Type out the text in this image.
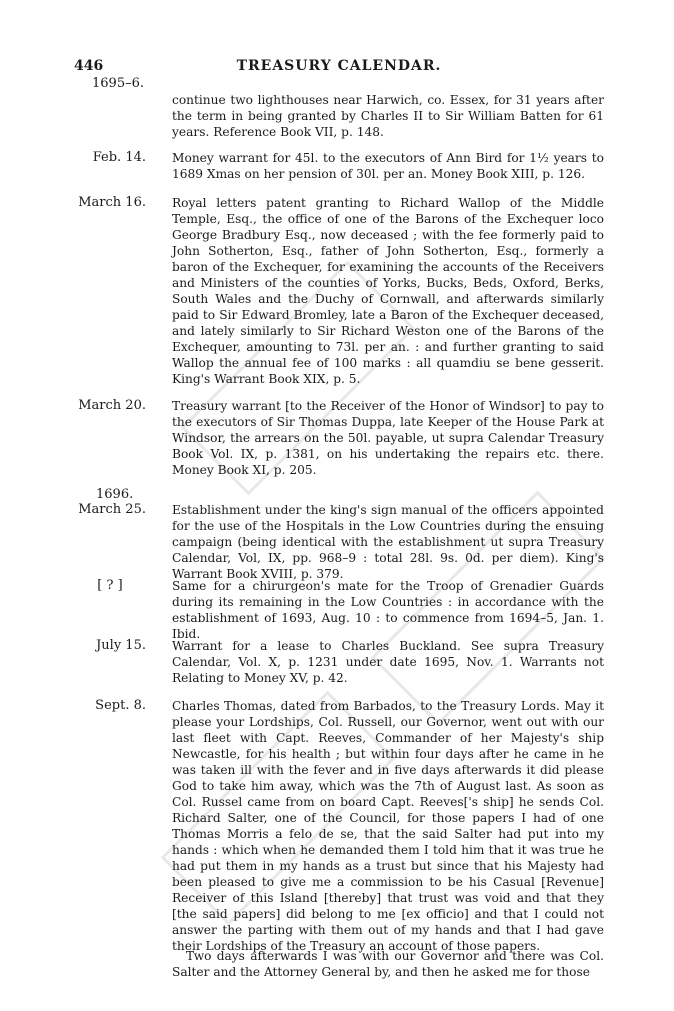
446	TREASURY CALENDAR.
1695–6.
continue two lighthouses near Harwich, co. Essex, for 31 years after the term in being granted by Charles II to Sir William Batten for 61 years. Reference Book VII, p. 148.
Feb. 14. Money warrant for 45l. to the executors of Ann Bird for 1½ years to 1689 Xmas on her pension of 30l. per an. Money Book XIII, p. 126.
March 16. Royal letters patent granting to Richard Wallop of the Middle Temple, Esq., the office of one of the Barons of the Exchequer loco George Bradbury Esq., now deceased ; with the fee formerly paid to John Sotherton, Esq., father of John Sotherton, Esq., formerly a baron of the Exchequer, for examining the accounts of the Receivers and Ministers of the counties of Yorks, Bucks, Beds, Oxford, Berks, South Wales and the Duchy of Cornwall, and afterwards similarly paid to Sir Edward Bromley, late a Baron of the Exchequer deceased, and lately similarly to Sir Richard Weston one of the Barons of the Exchequer, amounting to 73l. per an. : and further granting to said Wallop the annual fee of 100 marks : all quamdiu se bene gesserit. King's Warrant Book XIX, p. 5.
March 20. Treasury warrant [to the Receiver of the Honor of Windsor] to pay to the executors of Sir Thomas Duppa, late Keeper of the House Park at Windsor, the arrears on the 50l. payable, ut supra Calendar Treasury Book Vol. IX, p. 1381, on his undertaking the repairs etc. there. Money Book XI, p. 205.
1696.
March 25. Establishment under the king's sign manual of the officers appointed for the use of the Hospitals in the Low Countries during the ensuing campaign (being identical with the establishment ut supra Treasury Calendar, Vol, IX, pp. 968–9 : total 28l. 9s. 0d. per diem). King's Warrant Book XVIII, p. 379.
[ ? ]	Same for a chirurgeon's mate for the Troop of Grenadier Guards during its remaining in the Low Countries : in accordance with the establishment of 1693, Aug. 10 : to commence from 1694–5, Jan. 1. Ibid.
July 15. Warrant for a lease to Charles Buckland. See supra Treasury Calendar, Vol. X, p. 1231 under date 1695, Nov. 1. Warrants not Relating to Money XV, p. 42.
Sept. 8. Charles Thomas, dated from Barbados, to the Treasury Lords. May it please your Lordships, Col. Russell, our Governor, went out with our last fleet with Capt. Reeves, Commander of her Majesty's ship Newcastle, for his health ; but within four days after he came in he was taken ill with the fever and in five days afterwards it did please God to take him away, which was the 7th of August last. As soon as Col. Russel came from on board Capt. Reeves['s ship] he sends Col. Richard Salter, one of the Council, for those papers I had of one Thomas Morris a felo de se, that the said Salter had put into my hands : which when he demanded them I told him that it was true he had put them in my hands as a trust but since that his Majesty had been pleased to give me a commission to be his Casual [Revenue] Receiver of this Island [thereby] that trust was void and that they [the said papers] did belong to me [ex officio] and that I could not answer the parting with them out of my hands and that I had gave their Lordships of the Treasury an account of those papers.
Two days afterwards I was with our Governor and there was Col. Salter and the Attorney General by, and then he asked me for those
